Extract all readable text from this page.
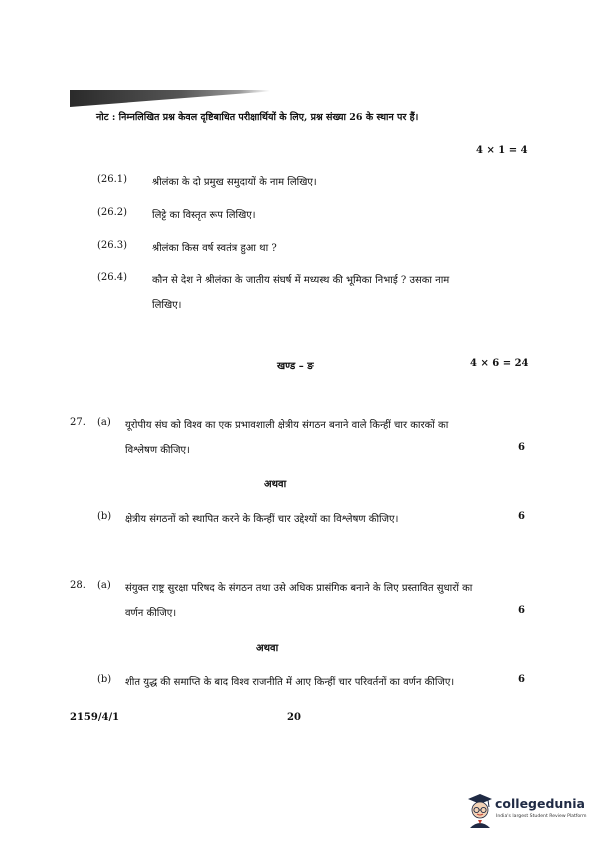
नोट : निम्नलिखित प्रश्न केवल दृष्टिबाधित परीक्षार्थियों के लिए, प्रश्न संख्या 26 के स्थान पर हैं।
4 × 1 = 4
(26.1) श्रीलंका के दो प्रमुख समुदायों के नाम लिखिए।
(26.2) लिट्टे का विस्तृत रूप लिखिए।
(26.3) श्रीलंका किस वर्ष स्वतंत्र हुआ था ?
(26.4) कौन से देश ने श्रीलंका के जातीय संघर्ष में मध्यस्थ की भूमिका निभाई ? उसका नाम
लिखिए।
खण्ड – ङ	4 × 6 = 24
27. (a) यूरोपीय संघ को विश्व का एक प्रभावशाली क्षेत्रीय संगठन बनाने वाले किन्हीं चार कारकों का
विश्लेषण कीजिए।	6
अथवा
(b) क्षेत्रीय संगठनों को स्थापित करने के किन्हीं चार उद्देश्यों का विश्लेषण कीजिए।	6
28. (a) संयुक्त राष्ट्र सुरक्षा परिषद के संगठन तथा उसे अधिक प्रासंगिक बनाने के लिए प्रस्तावित सुधारों का
वर्णन कीजिए।	6
अथवा
(b) शीत युद्ध की समाप्ति के बाद विश्व राजनीति में आए किन्हीं चार परिवर्तनों का वर्णन कीजिए।	6
2159/4/1	20
collegedunia
India's largest Student Review Platform
